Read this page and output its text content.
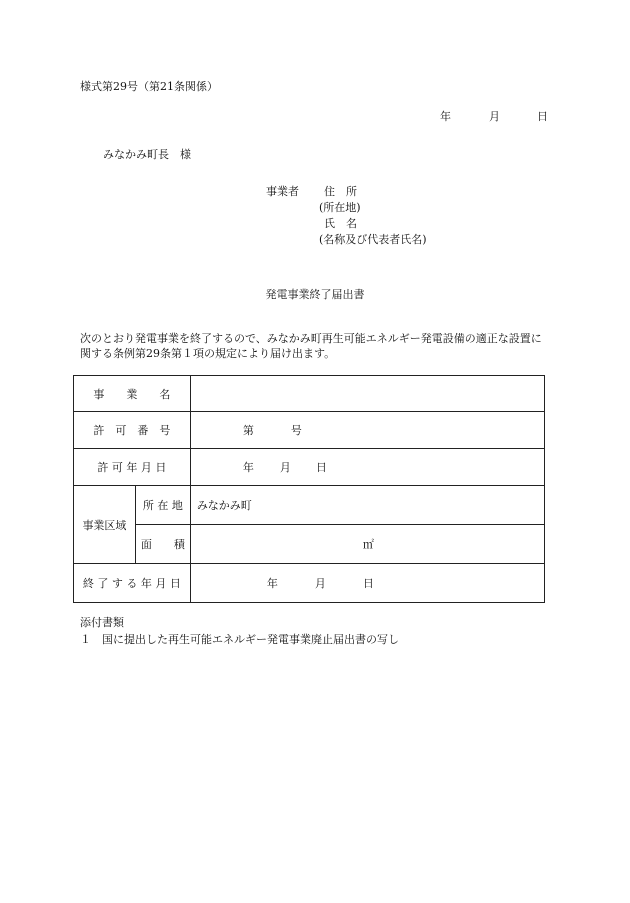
様式第29号（第21条関係）
年	月	日
みなかみ町長　様
事業者 住　所
(所在地)
氏　名
(名称及び代表者氏名)
発電事業終了届出書
次のとおり発電事業を終了するので、みなかみ町再生可能エネルギー発電設備の適正な設置に関する条例第29条第１項の規定により届け出ます。
事　　業　　名		
許　可　番　号		第 号

許 可 年 月 日		年 月 日

事業区域	所 在 地	みなかみ町

	面　　積	㎡

終 了 す る 年 月 日		年 月 日
添付書類
１　国に提出した再生可能エネルギー発電事業廃止届出書の写し
